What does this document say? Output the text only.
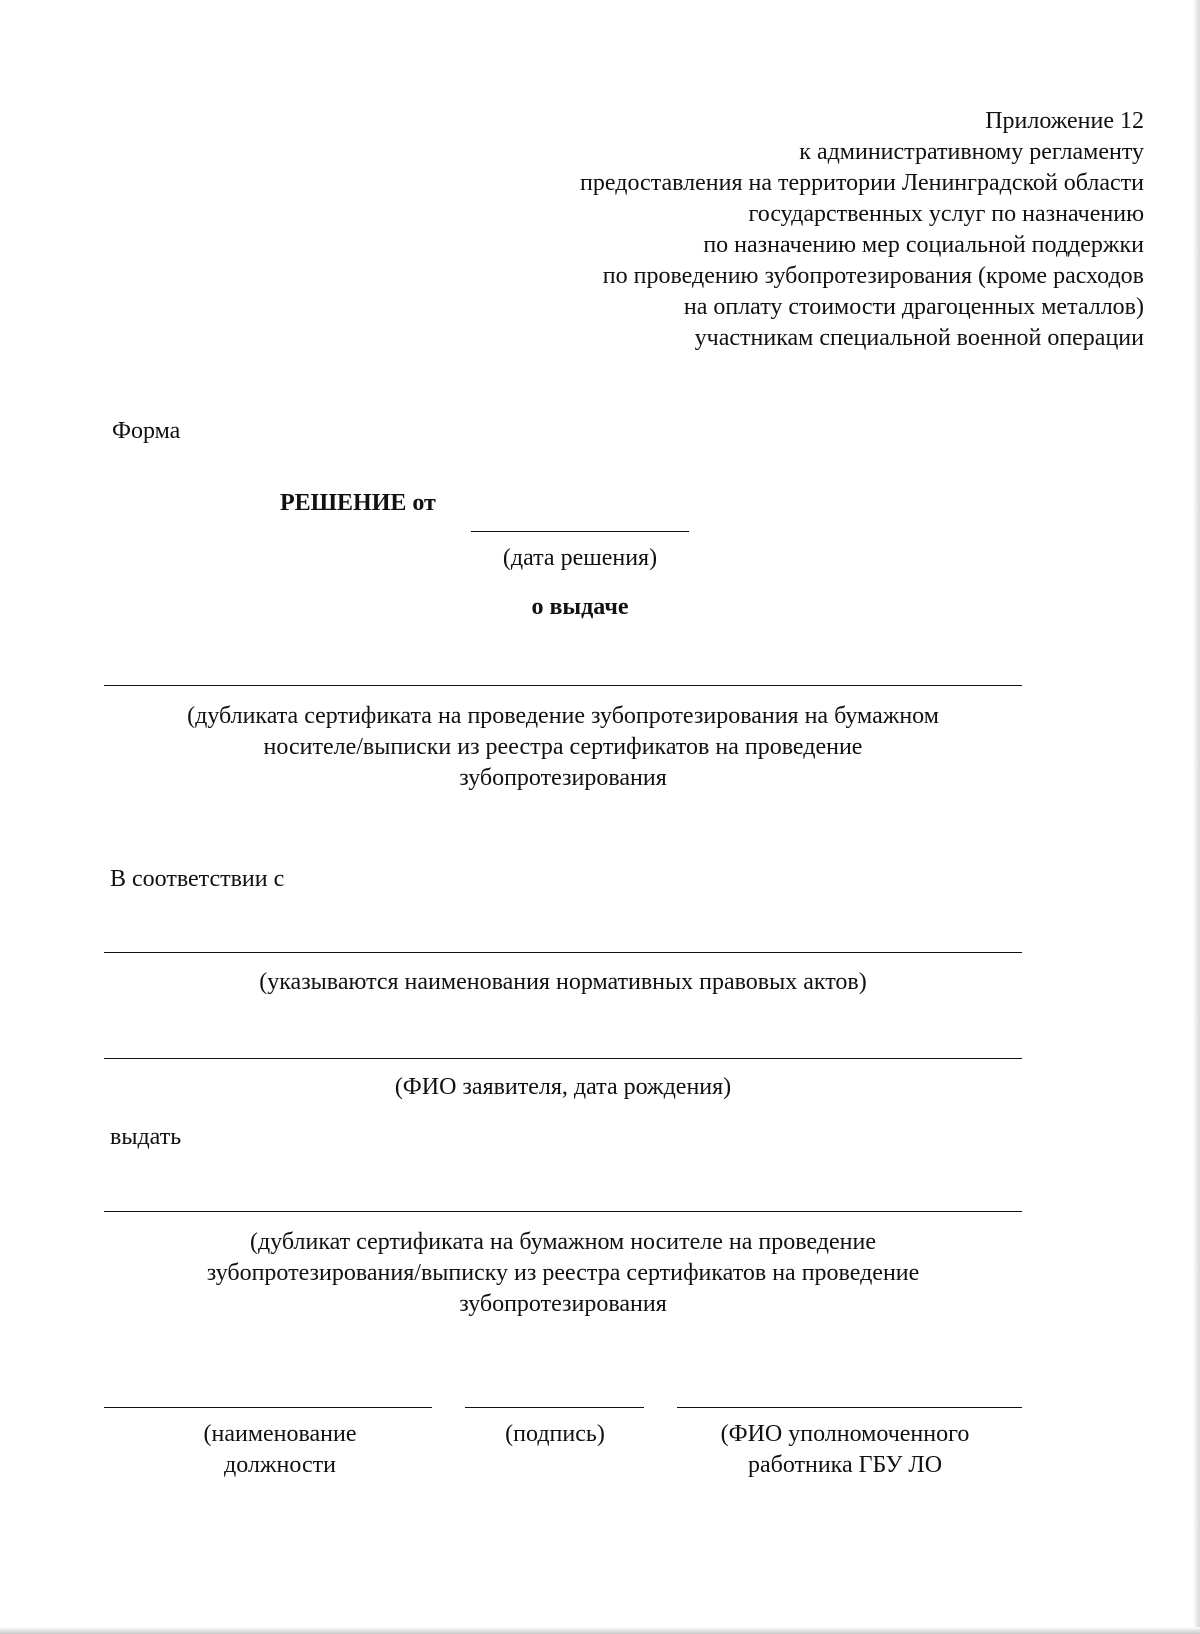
Приложение 12
к административному регламенту
предоставления на территории Ленинградской области
государственных услуг по назначению
по назначению мер социальной поддержки
по проведению зубопротезирования (кроме расходов
на оплату стоимости драгоценных металлов)
участникам специальной военной операции
Форма
РЕШЕНИЕ от
(дата решения)
о выдаче
(дубликата сертификата на проведение зубопротезирования на бумажном
носителе/выписки из реестра сертификатов на проведение
зубопротезирования
В соответствии с
(указываются наименования нормативных правовых актов)
(ФИО заявителя, дата рождения)
выдать
(дубликат сертификата на бумажном носителе на проведение
зубопротезирования/выписку из реестра сертификатов на проведение
зубопротезирования
(наименование
должности
(подпись)	(ФИО уполномоченного
работника ГБУ ЛО
